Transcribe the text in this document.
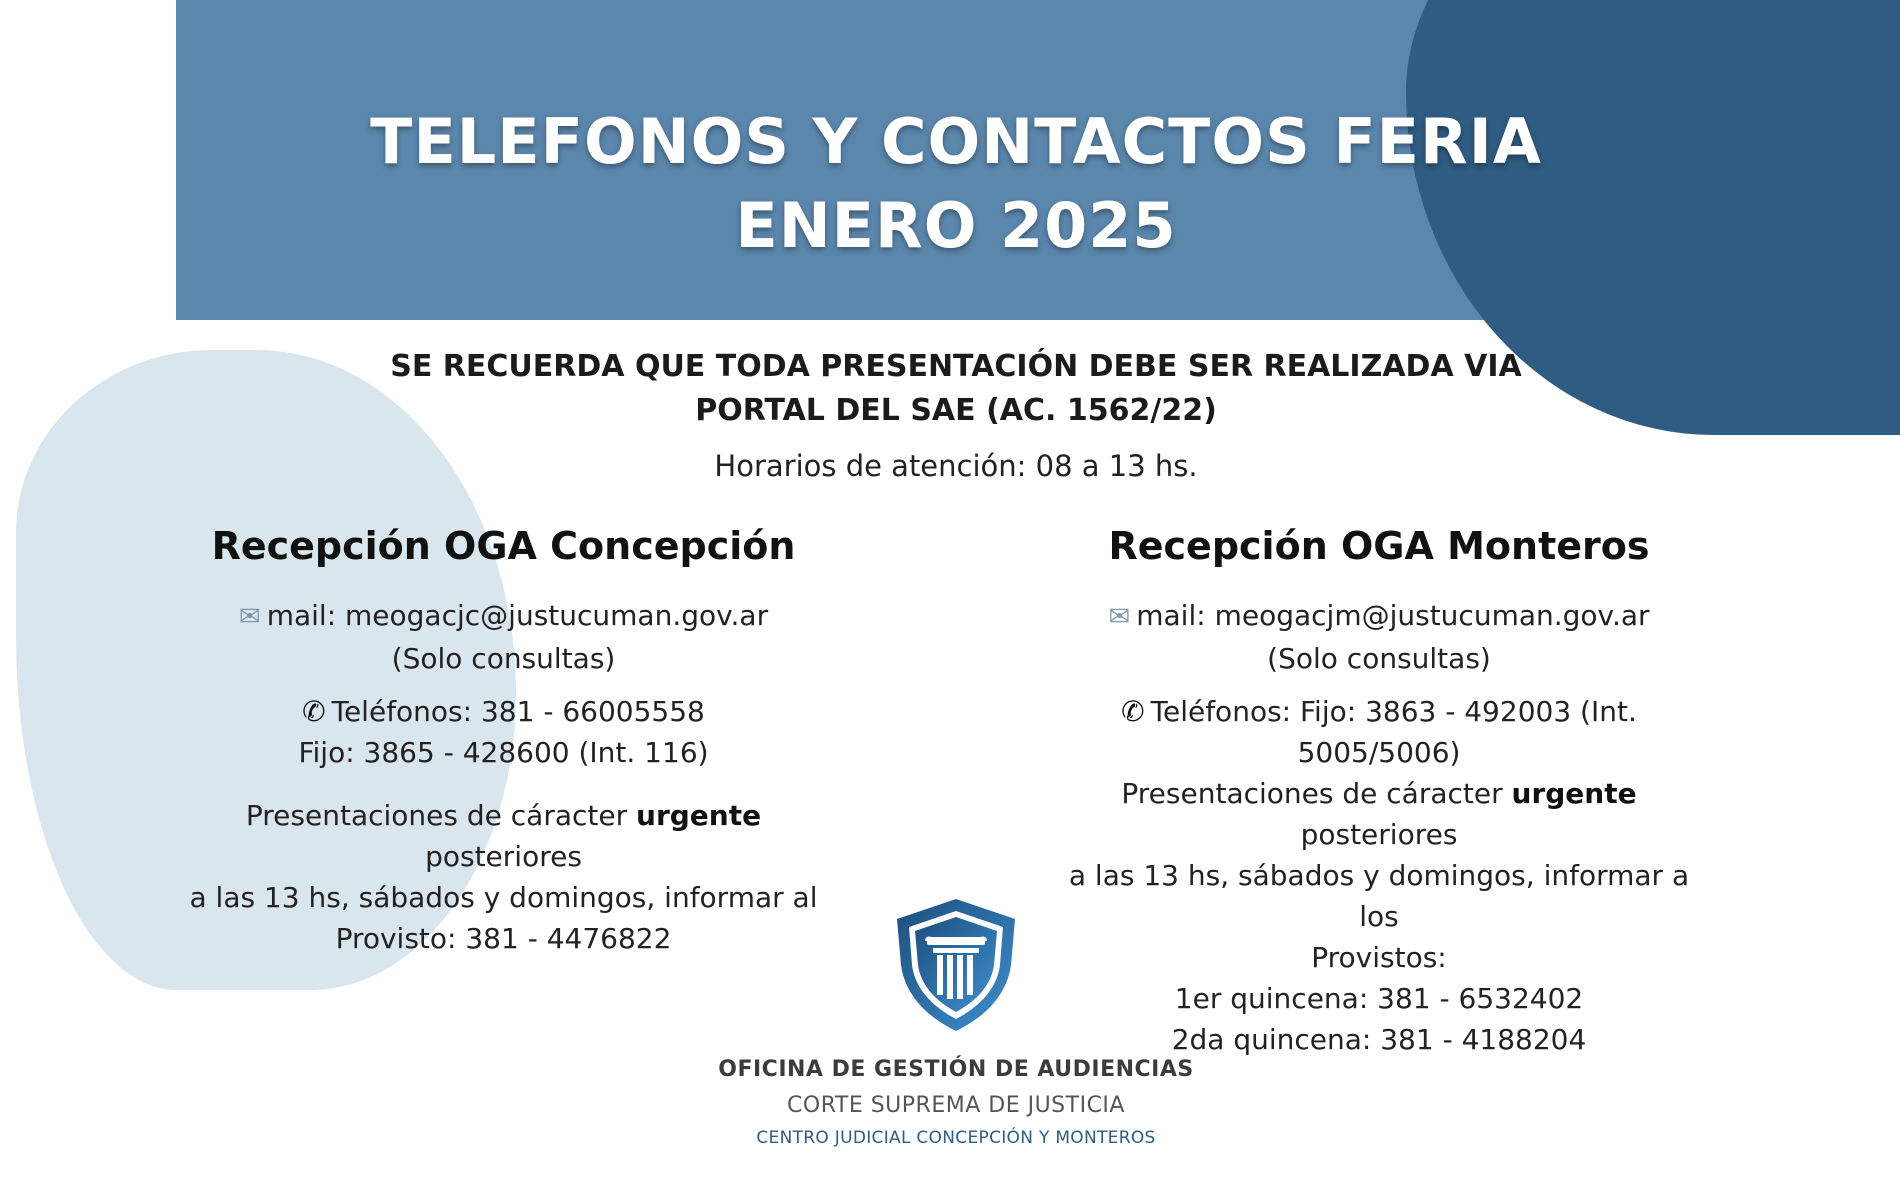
TELEFONOS Y CONTACTOS FERIA
ENERO 2025
SE RECUERDA QUE TODA PRESENTACIÓN DEBE SER REALIZADA VIA
PORTAL DEL SAE (AC. 1562/22)
Horarios de atención: 08 a 13 hs.
Recepción OGA Concepción
✉ mail: meogacjc@justucuman.gov.ar
(Solo consultas)
✆ Teléfonos: 381 - 66005558
Fijo: 3865 - 428600 (Int. 116)
Presentaciones de cáracter urgente posteriores
a las 13 hs, sábados y domingos, informar al
Provisto: 381 - 4476822
Recepción OGA Monteros
✉ mail: meogacjm@justucuman.gov.ar
(Solo consultas)
✆ Teléfonos: Fijo: 3863 - 492003 (Int.
5005/5006)
Presentaciones de cáracter urgente posteriores
a las 13 hs, sábados y domingos, informar a los
Provistos:
1er quincena: 381 - 6532402
2da quincena: 381 - 4188204
OFICINA DE GESTIÓN DE AUDIENCIAS
CORTE SUPREMA DE JUSTICIA
CENTRO JUDICIAL CONCEPCIÓN Y MONTEROS
